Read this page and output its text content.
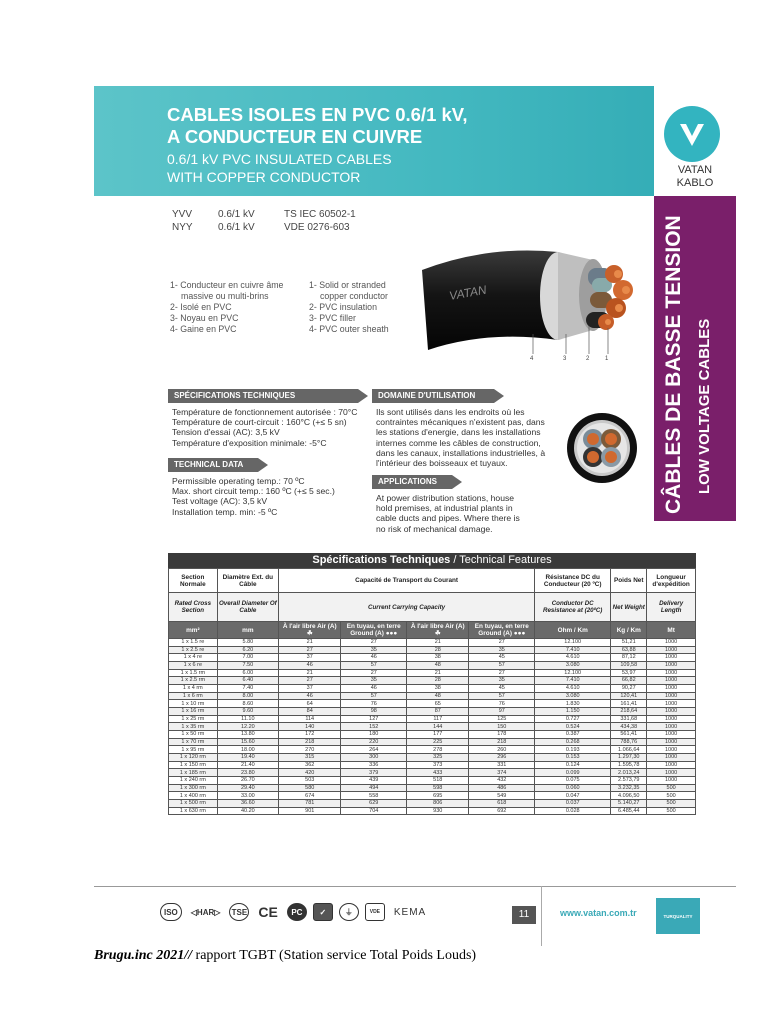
CABLES ISOLES EN PVC 0.6/1 kV,
A CONDUCTEUR EN CUIVRE
0.6/1 kV PVC INSULATED CABLES
WITH COPPER CONDUCTOR	VATAN
KABLO
CÂBLES DE BASSE TENSION LOW VOLTAGE CABLES
YVV	0.6/1 kV	TS IEC 60502-1
NYY	0.6/1 kV	VDE 0276-603
1- Conducteur en cuivre âme
massive ou multi-brins
2- Isolé en PVC
3- Noyau en PVC
4- Gaine en PVC
1- Solid or stranded
copper conductor
2- PVC insulation
3- PVC filler
4- PVC outer sheath
VATAN
4	3	2	1
SPÉCIFICATIONS TECHNIQUES
Température de fonctionnement autorisée : 70°C
Température de court-circuit : 160°C (+≤ 5 sn)
Tension d'essai (AC): 3,5 kV
Température d'exposition minimale: -5°C
TECHNICAL DATA
Permissible operating temp.: 70 ºC
Max. short circuit temp.: 160 ºC (+≤ 5 sec.)
Test voltage (AC): 3,5 kV
Installation temp. min: -5 ºC
DOMAINE D'UTILISATION
Ils sont utilisés dans les endroits où les
contraintes mécaniques n'existent pas, dans
les stations d'energie, dans les installations
internes comme les câbles de construction,
dans les canaux, installations industrielles, à
l'intérieur des boisseaux et tuyaux.
APPLICATIONS
At power distribution stations, house
hold premises, at industrial plants in
cable ducts and pipes. Where there is
no risk of mechanical damage.
Spécifications Techniques / Technical Features
Section Normale	Diamètre Ext. du Câble	Capacité de Transport du Courant				Résistance DC du Conducteur (20 ºC)	Poids Net	Longueur d'expédition
Rated Cross Section	Overall Diameter Of Cable	Current Carrying Capacity				Conductor DC Resistance at (20ºC)	Net Weight	Delivery Length
mm²	mm	À l'air libre Air (A) ☘	En tuyau, en terre Ground (A) ●●●	À l'air libre Air (A) ☘	En tuyau, en terre Ground (A) ●●●	Ohm / Km	Kg / Km	Mt
1 x 1.5 re	5.80	21	27	21	27	12.100	51,21	1000
1 x 2.5 re	6.20	27	35	28	35	7.410	63,88	1000
1 x 4 re	7.00	37	46	38	45	4.610	87,12	1000
1 x 6 re	7.50	46	57	48	57	3.080	109,58	1000
1 x 1.5 rm	6.00	21	27	21	27	12.100	53,97	1000
1 x 2.5 rm	6.40	27	35	28	35	7.410	66,82	1000
1 x 4 rm	7.40	37	46	38	45	4.610	90,27	1000
1 x 6 rm	8.00	46	57	48	57	3.080	120,41	1000
1 x 10 rm	8.60	64	76	65	76	1.830	161,41	1000
1 x 16 rm	9.60	84	98	87	97	1.150	218,64	1000
1 x 25 rm	11.10	114	127	117	125	0.727	331,68	1000
1 x 35 rm	12.20	140	152	144	150	0.524	434,38	1000
1 x 50 rm	13.80	172	180	177	178	0.387	561,41	1000
1 x 70 rm	15.60	218	220	225	218	0.268	788,76	1000
1 x 95 rm	18.00	270	264	278	260	0.193	1.066,64	1000
1 x 120 rm	19.40	315	300	325	296	0.153	1.297,30	1000
1 x 150 rm	21.40	362	336	373	331	0.124	1.595,78	1000
1 x 185 rm	23.80	420	379	433	374	0.099	2.013,24	1000
1 x 240 rm	26.70	503	439	518	432	0.075	2.573,79	1000
1 x 300 rm	29.40	580	494	598	486	0.060	3.232,35	500
1 x 400 rm	33.00	674	558	695	549	0.047	4.096,50	500
1 x 500 rm	36.60	781	629	806	618	0.037	5.140,27	500
1 x 630 rm	40.20	901	704	930	692	0.028	6.485,44	500
ISO	◁HAR▷	TSE CE	PC	✓	⏚	VDE	KEMA	11	www.vatan.com.tr	TURQUALITY
Brugu.inc 2021// rapport TGBT (Station service Total Poids Louds)
